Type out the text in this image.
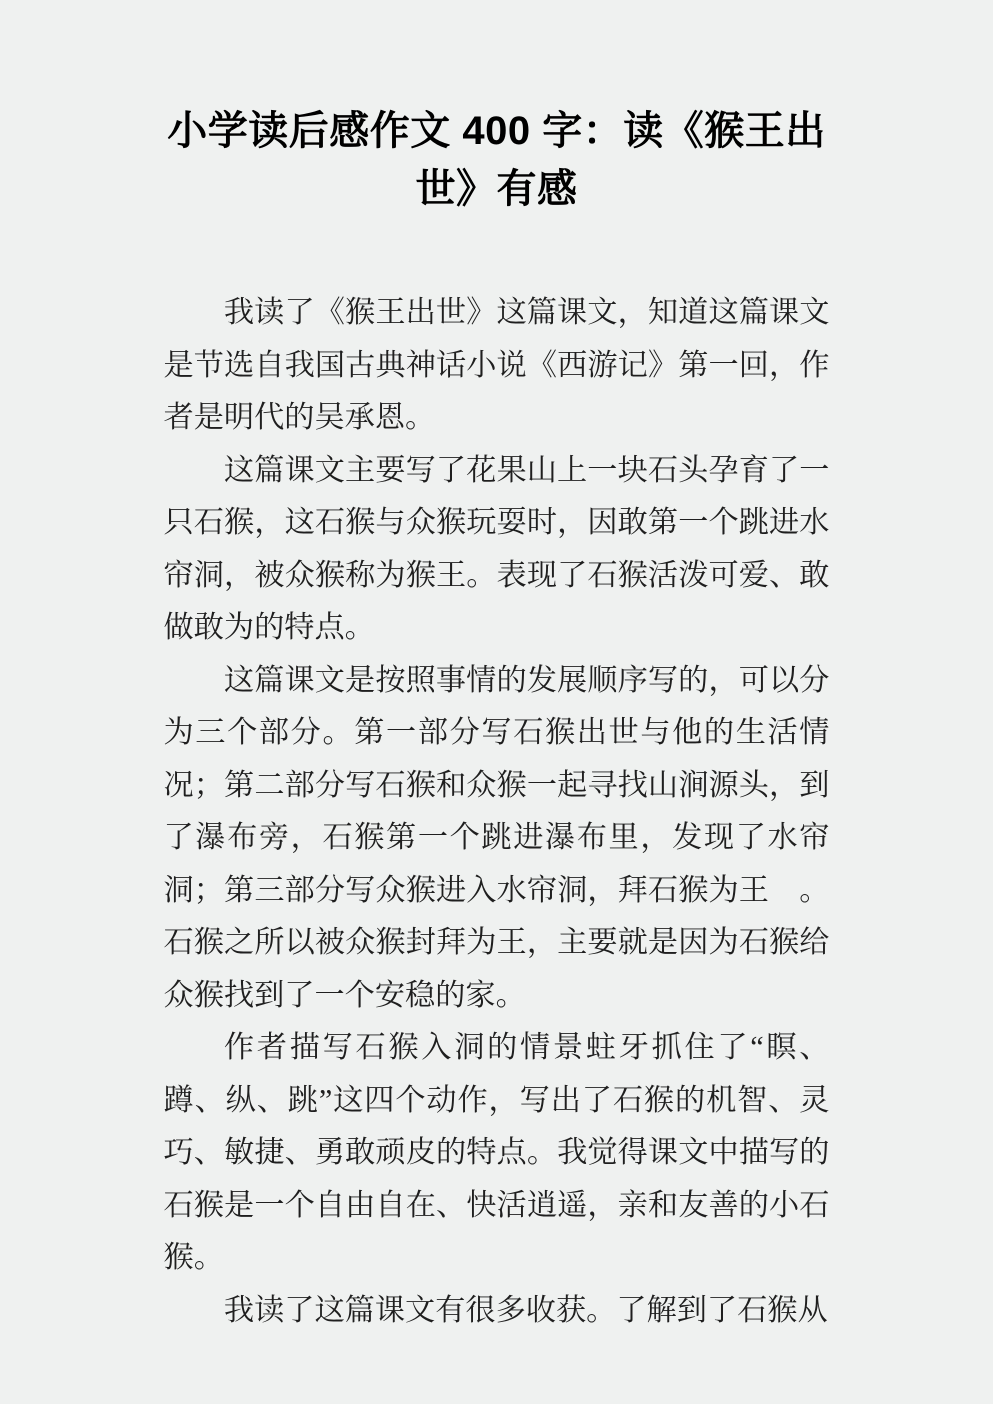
小学读后感作文 400 字：读《猴王出世》有感

我读了《猴王出世》这篇课文，知道这篇课文是节选自我国古典神话小说《西游记》第一回，作者是明代的吴承恩。

这篇课文主要写了花果山上一块石头孕育了一只石猴，这石猴与众猴玩耍时，因敢第一个跳进水帘洞，被众猴称为猴王。表现了石猴活泼可爱、敢做敢为的特点。

这篇课文是按照事情的发展顺序写的，可以分为三个部分。第一部分写石猴出世与他的生活情况；第二部分写石猴和众猴一起寻找山涧源头，到了瀑布旁，石猴第一个跳进瀑布里，发现了水帘洞；第三部分写众猴进入水帘洞，拜石猴为王　。石猴之所以被众猴封拜为王，主要就是因为石猴给众猴找到了一个安稳的家。

作者描写石猴入洞的情景蛀牙抓住了“瞑、蹲、纵、跳”这四个动作，写出了石猴的机智、灵巧、敏捷、勇敢顽皮的特点。我觉得课文中描写的石猴是一个自由自在、快活逍遥，亲和友善的小石猴。

我读了这篇课文有很多收获。了解到了石猴从
